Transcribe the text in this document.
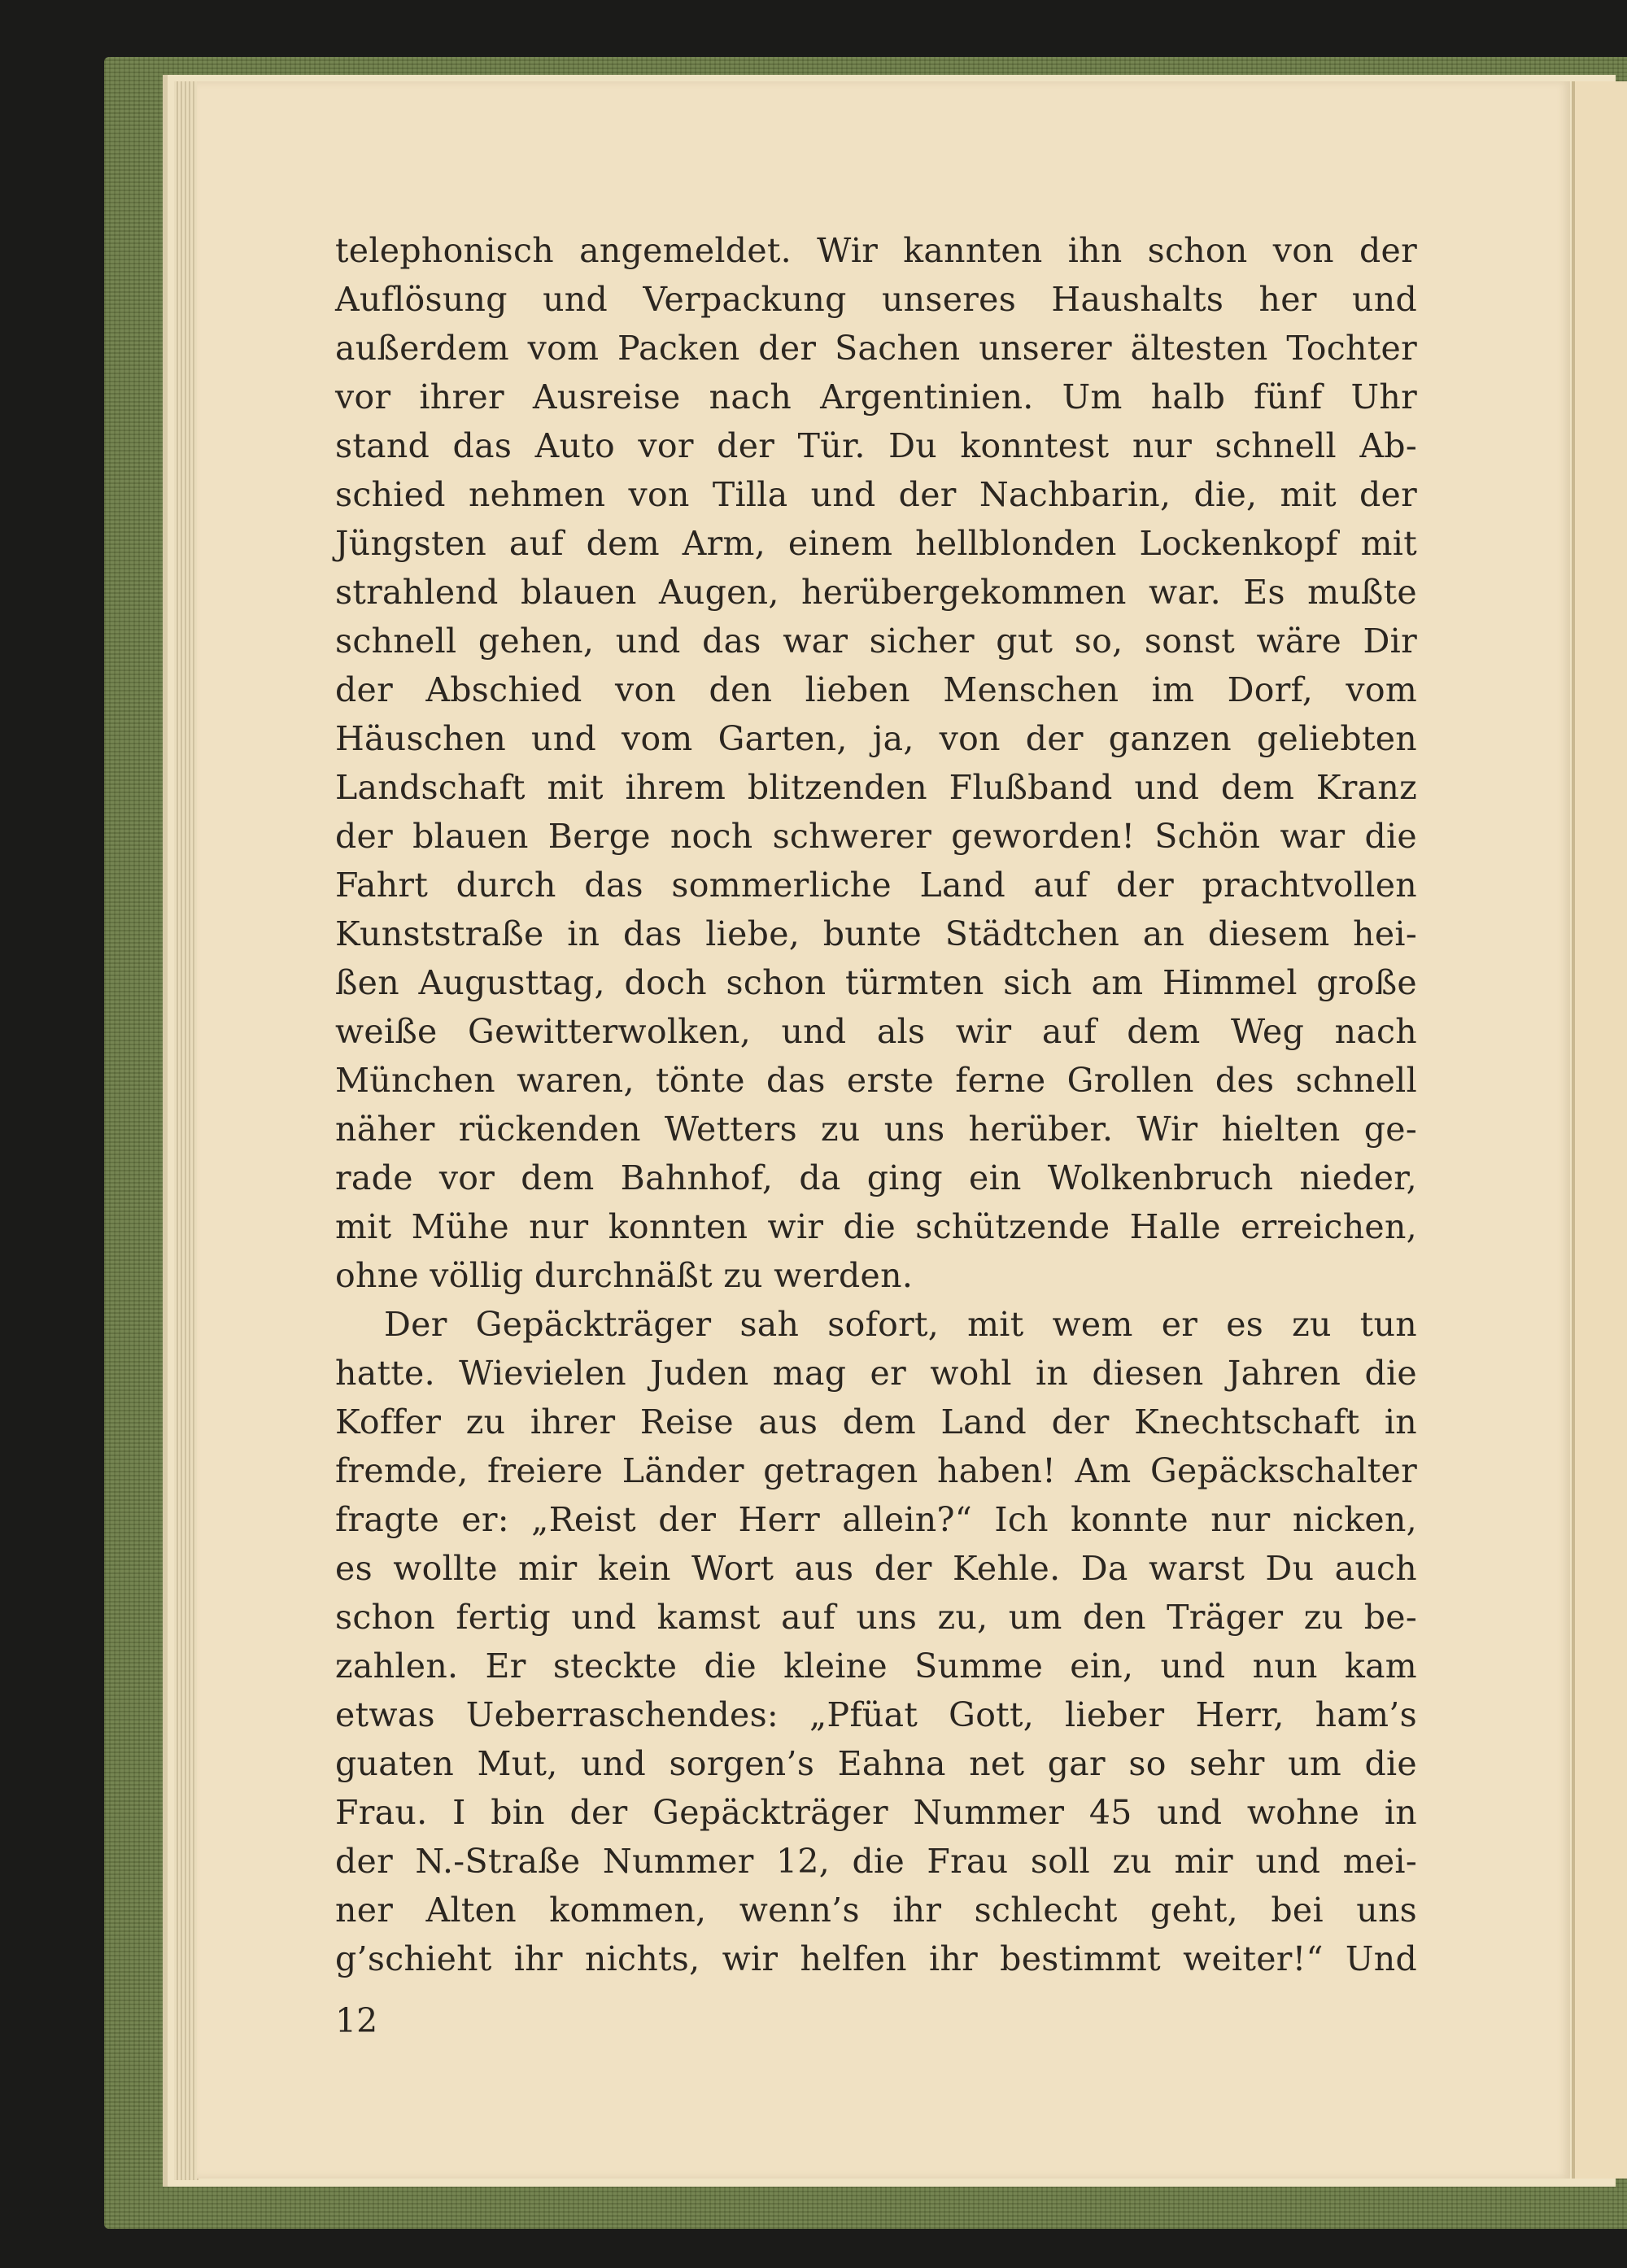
telephonisch angemeldet. Wir kannten ihn schon von der
Auflösung und Verpackung unseres Haushalts her und
außerdem vom Packen der Sachen unserer ältesten Tochter
vor ihrer Ausreise nach Argentinien. Um halb fünf Uhr
stand das Auto vor der Tür. Du konntest nur schnell Ab-
schied nehmen von Tilla und der Nachbarin, die, mit der
Jüngsten auf dem Arm, einem hellblonden Lockenkopf mit
strahlend blauen Augen, herübergekommen war. Es mußte
schnell gehen, und das war sicher gut so, sonst wäre Dir
der Abschied von den lieben Menschen im Dorf, vom
Häuschen und vom Garten, ja, von der ganzen geliebten
Landschaft mit ihrem blitzenden Flußband und dem Kranz
der blauen Berge noch schwerer geworden! Schön war die
Fahrt durch das sommerliche Land auf der prachtvollen
Kunststraße in das liebe, bunte Städtchen an diesem hei-
ßen Augusttag, doch schon türmten sich am Himmel große
weiße Gewitterwolken, und als wir auf dem Weg nach
München waren, tönte das erste ferne Grollen des schnell
näher rückenden Wetters zu uns herüber. Wir hielten ge-
rade vor dem Bahnhof, da ging ein Wolkenbruch nieder,
mit Mühe nur konnten wir die schützende Halle erreichen,
ohne völlig durchnäßt zu werden.
Der Gepäckträger sah sofort, mit wem er es zu tun
hatte. Wievielen Juden mag er wohl in diesen Jahren die
Koffer zu ihrer Reise aus dem Land der Knechtschaft in
fremde, freiere Länder getragen haben! Am Gepäckschalter
fragte er: „Reist der Herr allein?“ Ich konnte nur nicken,
es wollte mir kein Wort aus der Kehle. Da warst Du auch
schon fertig und kamst auf uns zu, um den Träger zu be-
zahlen. Er steckte die kleine Summe ein, und nun kam
etwas Ueberraschendes: „Pfüat Gott, lieber Herr, ham’s
guaten Mut, und sorgen’s Eahna net gar so sehr um die
Frau. I bin der Gepäckträger Nummer 45 und wohne in
der N.-Straße Nummer 12, die Frau soll zu mir und mei-
ner Alten kommen, wenn’s ihr schlecht geht, bei uns
g’schieht ihr nichts, wir helfen ihr bestimmt weiter!“ Und
12
